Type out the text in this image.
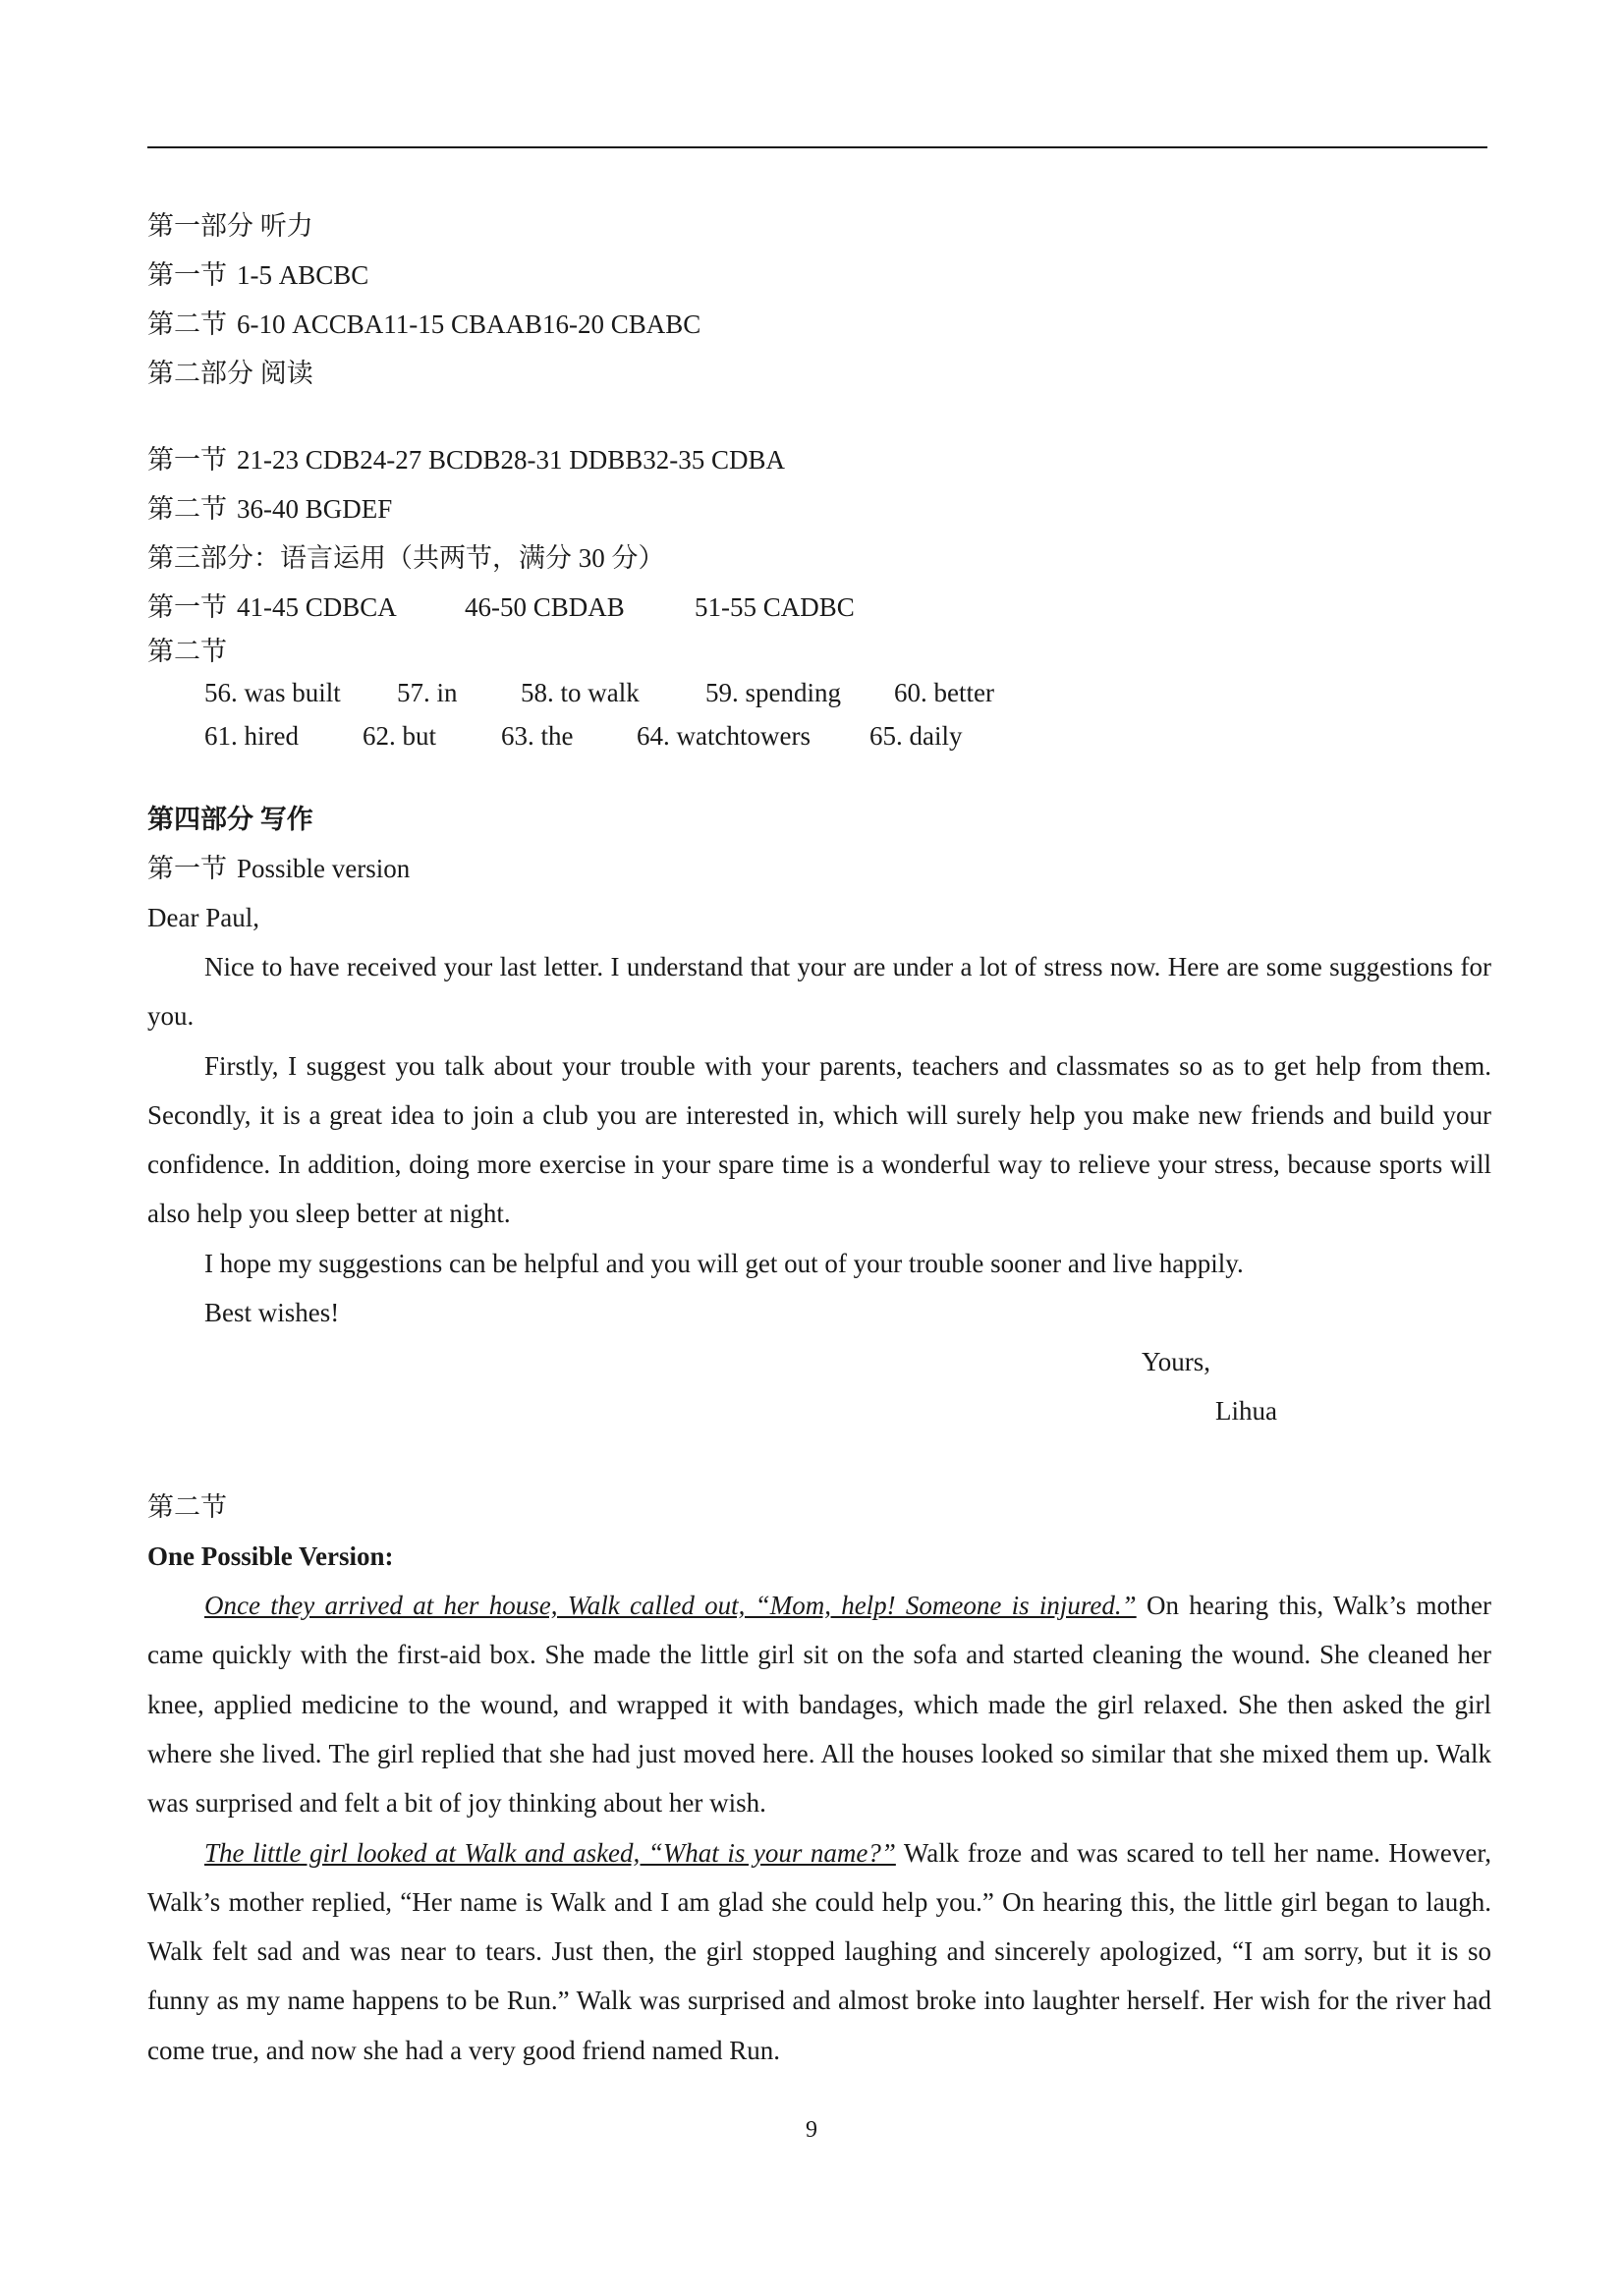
第一部分 听力
第一节 1-5 ABCBC
第二节 6-10 ACCBA11-15 CBAAB16-20 CBABC
第二部分 阅读
第一节 21-23 CDB24-27 BCDB28-31 DDBB32-35 CDBA
第二节 36-40 BGDEF
第三部分：语言运用（共两节，满分 30 分）
第一节 41-45 CDBCA	46-50 CBDAB	51-55 CADBC
第二节
56. was built 57. in 58. to walk 59. spending 60. better
61. hired 62. but 63. the 64. watchtowers 65. daily
第四部分 写作
第一节 Possible version
Dear Paul,

Nice to have received your last letter. I understand that your are under a lot of stress now. Here are some suggestions for you.

Firstly, I suggest you talk about your trouble with your parents, teachers and classmates so as to get help from them. Secondly, it is a great idea to join a club you are interested in, which will surely help you make new friends and build your confidence. In addition, doing more exercise in your spare time is a wonderful way to relieve your stress, because sports will also help you sleep better at night.

I hope my suggestions can be helpful and you will get out of your trouble sooner and live happily.

Best wishes!
Yours,
Lihua
第二节
One Possible Version:

Once they arrived at her house, Walk called out, “Mom, help! Someone is injured.” On hearing this, Walk’s mother came quickly with the first-aid box. She made the little girl sit on the sofa and started cleaning the wound. She cleaned her knee, applied medicine to the wound, and wrapped it with bandages, which made the girl relaxed. She then asked the girl where she lived. The girl replied that she had just moved here. All the houses looked so similar that she mixed them up. Walk was surprised and felt a bit of joy thinking about her wish.

The little girl looked at Walk and asked, “What is your name?” Walk froze and was scared to tell her name. However, Walk’s mother replied, “Her name is Walk and I am glad she could help you.” On hearing this, the little girl began to laugh. Walk felt sad and was near to tears. Just then, the girl stopped laughing and sincerely apologized, “I am sorry, but it is so funny as my name happens to be Run.” Walk was surprised and almost broke into laughter herself. Her wish for the river had come true, and now she had a very good friend named Run.

9
